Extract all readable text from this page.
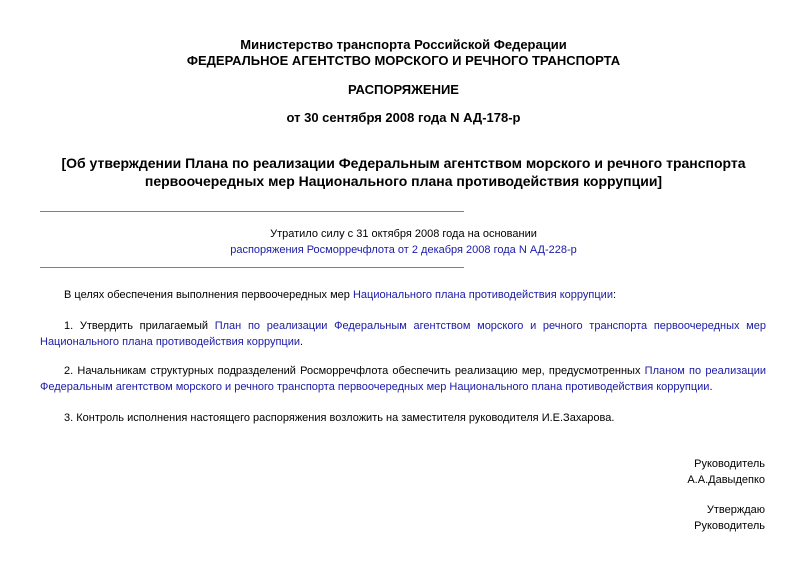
Министерство транспорта Российской Федерации
ФЕДЕРАЛЬНОЕ АГЕНТСТВО МОРСКОГО И РЕЧНОГО ТРАНСПОРТА
РАСПОРЯЖЕНИЕ
от 30 сентября 2008 года N АД-178-р
[Об утверждении Плана по реализации Федеральным агентством морского и речного транспорта
первоочередных мер Национального плана противодействия коррупции]
Утратило силу с 31 октября 2008 года на основании
распоряжения Росморречфлота от 2 декабря 2008 года N АД-228-р
В целях обеспечения выполнения первоочередных мер Национального плана противодействия коррупции:
1. Утвердить прилагаемый План по реализации Федеральным агентством морского и речного транспорта первоочередных мер Национального плана противодействия коррупции.
2. Начальникам структурных подразделений Росморречфлота обеспечить реализацию мер, предусмотренных Планом по реализации Федеральным агентством морского и речного транспорта первоочередных мер Национального плана противодействия коррупции.
3. Контроль исполнения настоящего распоряжения возложить на заместителя руководителя И.Е.Захарова.
Руководитель
А.А.Давыдепко
Утверждаю
Руководитель
